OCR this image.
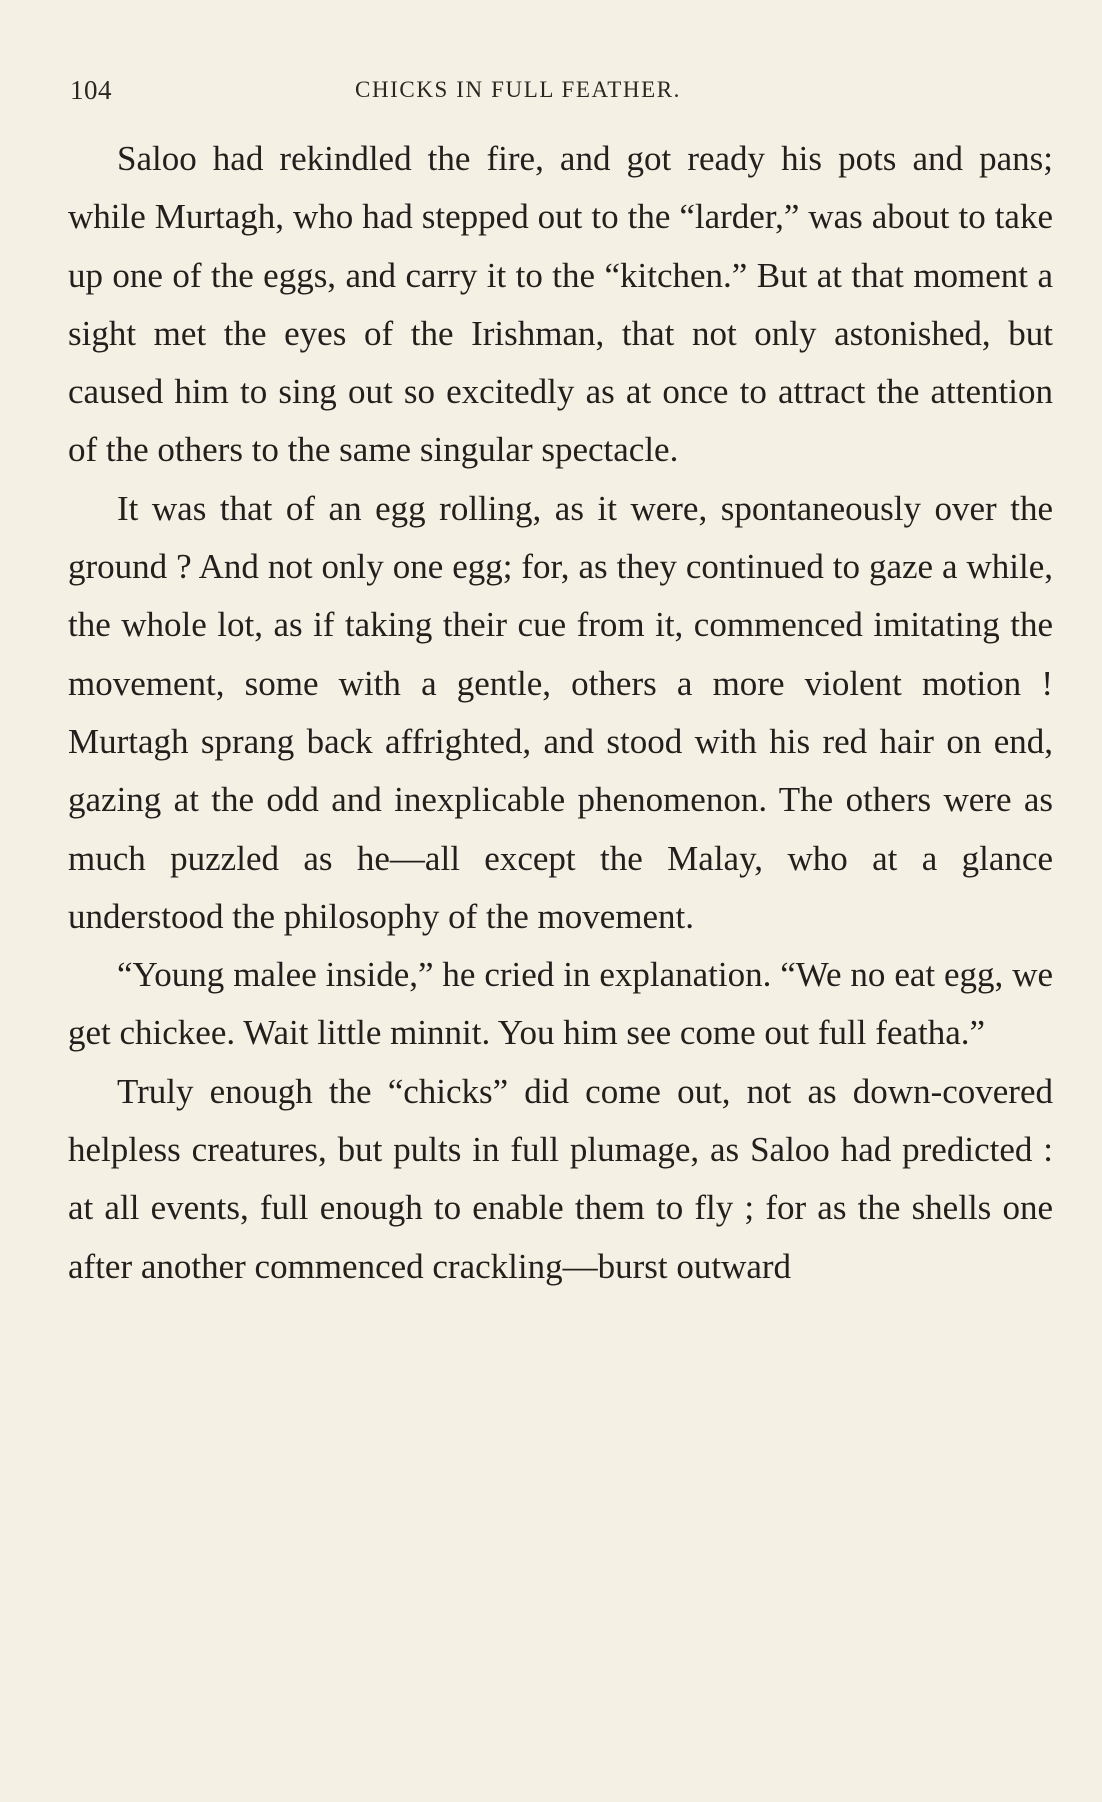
104	CHICKS IN FULL FEATHER.

Saloo had rekindled the fire, and got ready his pots and pans; while Murtagh, who had stepped out to the “larder,” was about to take up one of the eggs, and carry it to the “kitchen.” But at that moment a sight met the eyes of the Irishman, that not only astonished, but caused him to sing out so excitedly as at once to attract the attention of the others to the same singular spectacle.

It was that of an egg rolling, as it were, spontaneously over the ground ? And not only one egg; for, as they continued to gaze a while, the whole lot, as if taking their cue from it, commenced imitating the movement, some with a gentle, others a more violent motion ! Murtagh sprang back affrighted, and stood with his red hair on end, gazing at the odd and inexplicable phenomenon. The others were as much puzzled as he—all except the Malay, who at a glance understood the philosophy of the movement.

“Young malee inside,” he cried in explanation. “We no eat egg, we get chickee. Wait little minnit. You him see come out full featha.”

Truly enough the “chicks” did come out, not as down-covered helpless creatures, but pults in full plumage, as Saloo had predicted : at all events, full enough to enable them to fly ; for as the shells one after another commenced crackling—burst outward
